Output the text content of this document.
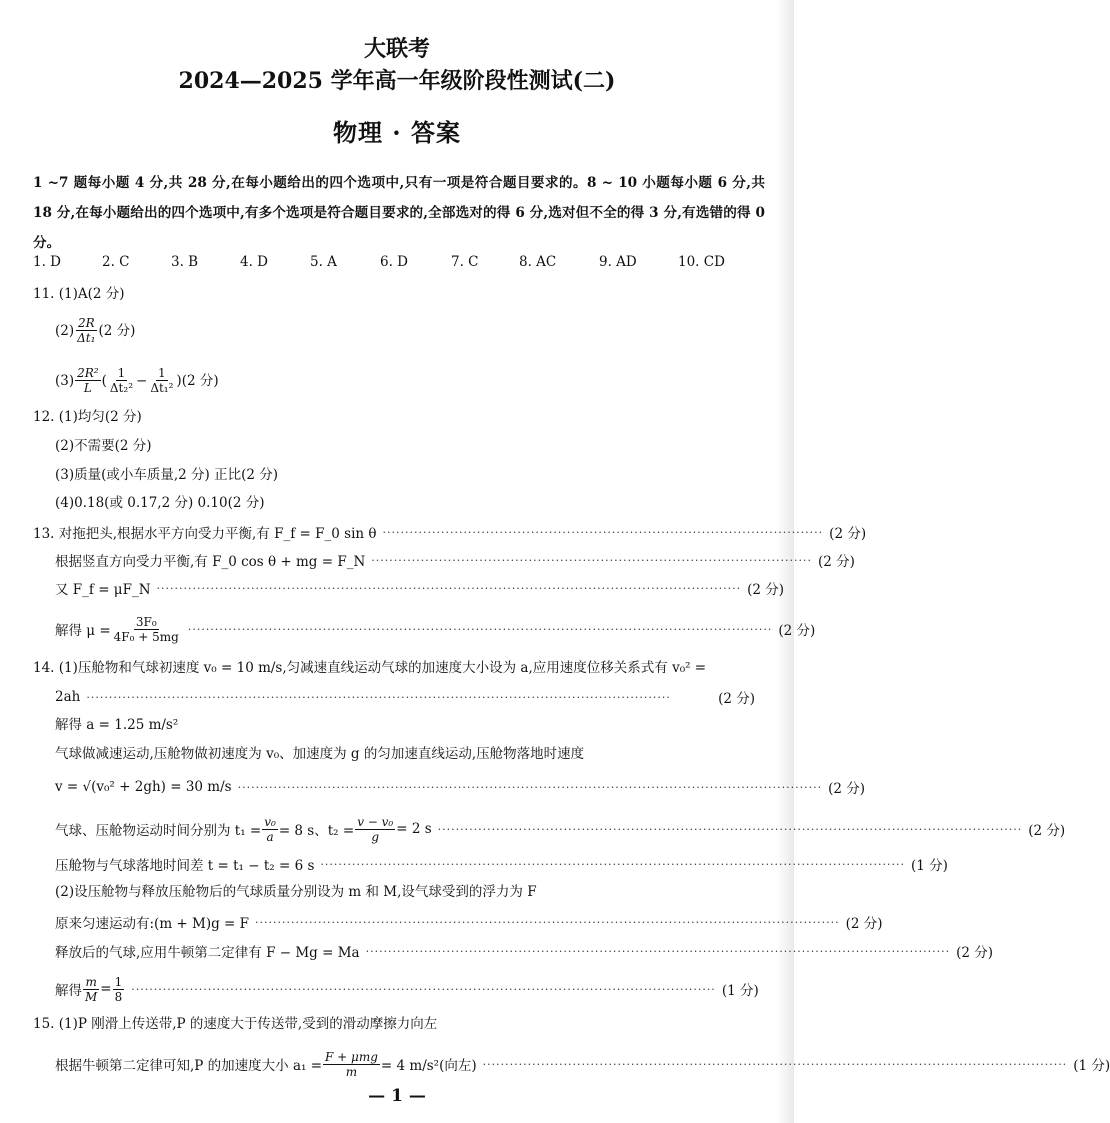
大联考
2024—2025 学年高一年级阶段性测试(二)
物理 · 答案
1 ~7 题每小题 4 分,共 28 分,在每小题给出的四个选项中,只有一项是符合题目要求的。8 ~ 10 小题每小题 6 分,共 18 分,在每小题给出的四个选项中,有多个选项是符合题目要求的,全部选对的得 6 分,选对但不全的得 3 分,有选错的得 0 分。
1. D	2. C	3. B	4. D	5. A	6. D	7. C	8. AC	9. AD	10. CD
11. (1)A(2 分)
$(2) \frac{2R}{\text{Δt₁}} (2$ 分)
$(3) \frac{\text{2R²}}{L}$ ( $\frac{1}{\text{Δt₂²}} - \frac{1}{\text{Δt₁²}} )(2$ 分)
12. (1)均匀(2 分)
(2)不需要(2 分)
(3)质量(或小车质量,2 分) 正比(2 分)
(4)0.18(或 0.17,2 分) 0.10(2 分)
13. 对拖把头,根据水平方向受力平衡,有 F_f = F_0 sin θ ·································································································· (2 分)
根据竖直方向受力平衡,有 F_0 cos θ + mg = F_N ·································································································· (2 分)
又 F_f = μF_N ·································································································································· (2 分)
解得 $\mu = \frac{\text{3F₀}}{\text{4F₀ + 5mg}}$ ·································································································································· (2 分)
14. (1)压舱物和气球初速度 v₀ = 10 m/s,匀减速直线运动气球的加速度大小设为 a,应用速度位移关系式有 v₀² =
2ah ··································································································································	(2 分)
解得 a = 1.25 m/s²
气球做减速运动,压舱物做初速度为 v₀、加速度为 g 的匀加速直线运动,压舱物落地时速度
v = √(v₀² + 2gh) = 30 m/s ·································································································································· (2 分)
气球、压舱物运动时间分别为 $t_1 = \frac{\text{v₀}}{a} = 8$ s、$t_2 = \frac{\text{v − v₀}}{g} = 2$ s ·································································································································· (2 分)
压舱物与气球落地时间差 t = t₁ − t₂ = 6 s ·································································································································· (1 分)
(2)设压舱物与释放压舱物后的气球质量分别设为 m 和 M,设气球受到的浮力为 F
原来匀速运动有:(m + M)g = F ·································································································································· (2 分)
释放后的气球,应用牛顿第二定律有 F − Mg = Ma ·································································································································· (2 分)
解得 $\frac{m}{M} = \frac{1}{8}$ ·································································································································· (1 分)
15. (1)P 刚滑上传送带,P 的速度大于传送带,受到的滑动摩擦力向左
根据牛顿第二定律可知,P 的加速度大小 $a_1 = \frac{\text{F + μmg}}{m} = 4$ m/s²(向左) ·································································································································· (1 分)
— 1 —
